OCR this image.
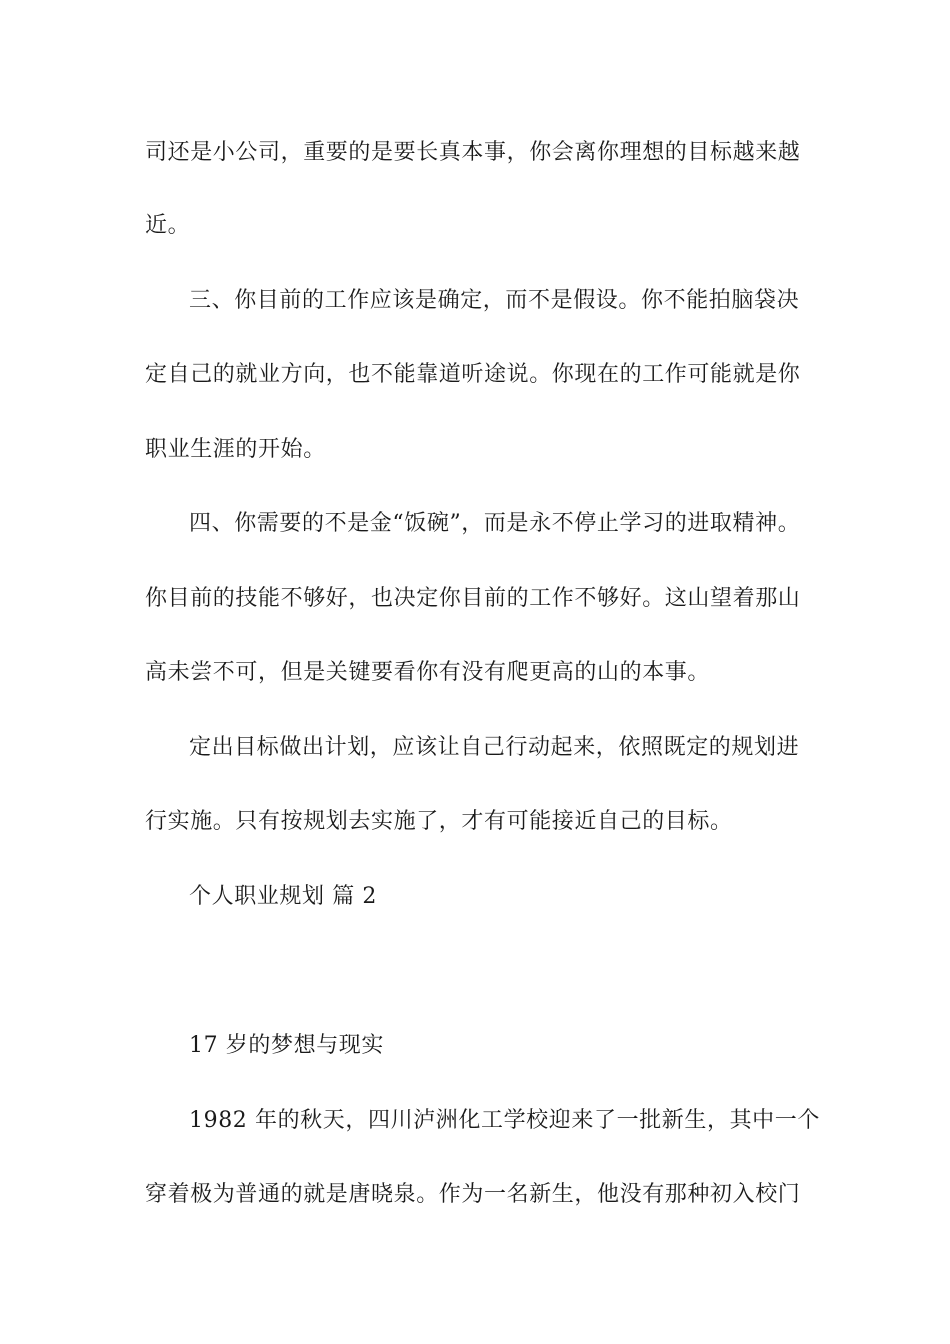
司还是小公司，重要的是要长真本事，你会离你理想的目标越来越
近。
三、你目前的工作应该是确定，而不是假设。你不能拍脑袋决
定自己的就业方向，也不能靠道听途说。你现在的工作可能就是你
职业生涯的开始。
四、你需要的不是金“饭碗”，而是永不停止学习的进取精神。
你目前的技能不够好，也决定你目前的工作不够好。这山望着那山
高未尝不可，但是关键要看你有没有爬更高的山的本事。
定出目标做出计划，应该让自己行动起来，依照既定的规划进
行实施。只有按规划去实施了，才有可能接近自己的目标。
个人职业规划 篇 2
17 岁的梦想与现实
1982 年的秋天，四川泸洲化工学校迎来了一批新生，其中一个
穿着极为普通的就是唐晓泉。作为一名新生，他没有那种初入校门
